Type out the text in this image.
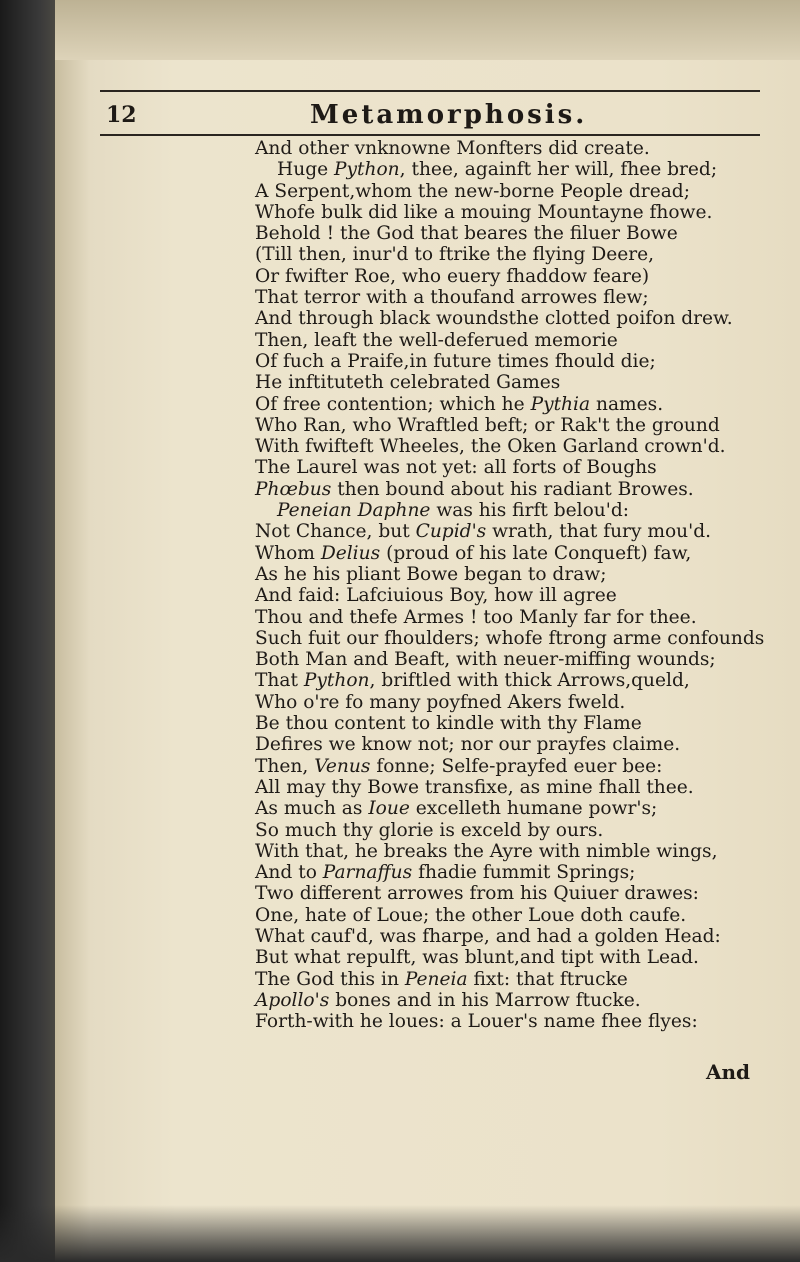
12	Metamorphosis.
And other vnknowne Monfters did create.
Huge Python, thee, againft her will, fhee bred;
A Serpent,whom the new-borne People dread;
Whofe bulk did like a mouing Mountayne fhowe.
Behold ! the God that beares the filuer Bowe
(Till then, inur'd to ftrike the flying Deere,
Or fwifter Roe, who euery fhaddow feare)
That terror with a thoufand arrowes flew;
And through black woundsthe clotted poifon drew.
Then, leaft the well-deferued memorie
Of fuch a Praife,in future times fhould die;
He inftituteth celebrated Games
Of free contention; which he Pythia names.
Who Ran, who Wraftled beft; or Rak't the ground
With fwifteft Wheeles, the Oken Garland crown'd.
The Laurel was not yet: all forts of Boughs
Phœbus then bound about his radiant Browes.
Peneian Daphne was his firft belou'd:
Not Chance, but Cupid's wrath, that fury mou'd.
Whom Delius (proud of his late Conqueft) faw,
As he his pliant Bowe began to draw;
And faid: Lafciuious Boy, how ill agree
Thou and thefe Armes ! too Manly far for thee.
Such fuit our fhoulders; whofe ftrong arme confounds
Both Man and Beaft, with neuer-miffing wounds;
That Python, briftled with thick Arrows,queld,
Who o're fo many poyfned Akers fweld.
Be thou content to kindle with thy Flame
Defires we know not; nor our prayfes claime.
Then, Venus fonne; Selfe-prayfed euer bee:
All may thy Bowe transfixe, as mine fhall thee.
As much as Ioue excelleth humane powr's;
So much thy glorie is exceld by ours.
With that, he breaks the Ayre with nimble wings,
And to Parnaffus fhadie fummit Springs;
Two different arrowes from his Quiuer drawes:
One, hate of Loue; the other Loue doth caufe.
What cauf'd, was fharpe, and had a golden Head:
But what repulft, was blunt,and tipt with Lead.
The God this in Peneia fixt: that ftrucke
Apollo's bones and in his Marrow ftucke.
Forth-with he loues: a Louer's name fhee flyes:
And
